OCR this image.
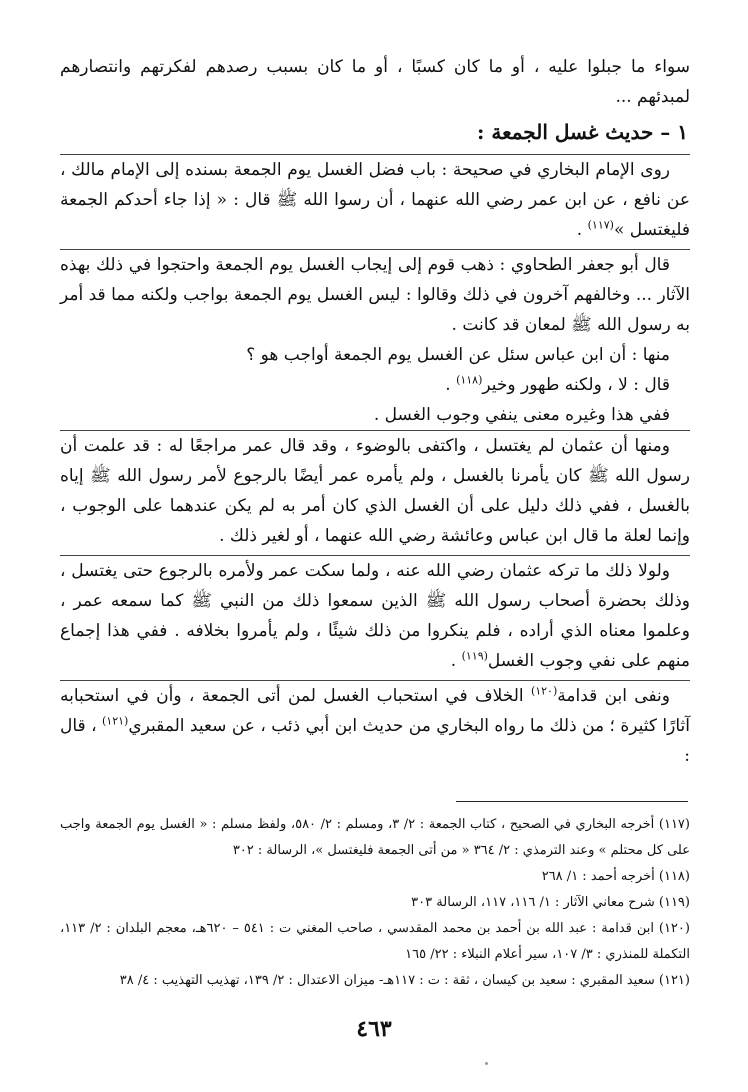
سواء ما جبلوا عليه ، أو ما كان كسبًا ، أو ما كان بسبب رصدهم لفكرتهم وانتصارهم لمبدئهم ...

١ – حديث غسل الجمعة :

روى الإمام البخاري في صحيحة : باب فضل الغسل يوم الجمعة بسنده إلى الإمام مالك ، عن نافع ، عن ابن عمر رضي الله عنهما ، أن رسوا الله ﷺ قال : « إذا جاء أحدكم الجمعة فليغتسل »$^{(١١٧)}$ .

قال أبو جعفر الطحاوي : ذهب قوم إلى إيجاب الغسل يوم الجمعة واحتجوا في ذلك بهذه الآثار ... وخالفهم آخرون في ذلك وقالوا : ليس الغسل يوم الجمعة بواجب ولكنه مما قد أمر به رسول الله ﷺ لمعان قد كانت .

منها : أن ابن عباس سئل عن الغسل يوم الجمعة أواجب هو ؟

قال : لا ، ولكنه طهور وخير$^{(١١٨)}$ .

ففي هذا وغيره معنى ينفي وجوب الغسل .

ومنها أن عثمان لم يغتسل ، واكتفى بالوضوء ، وقد قال عمر مراجعًا له : قد علمت أن رسول الله ﷺ كان يأمرنا بالغسل ، ولم يأمره عمر أيضًا بالرجوع لأمر رسول الله ﷺ إياه بالغسل ، ففي ذلك دليل على أن الغسل الذي كان أمر به لم يكن عندهما على الوجوب ، وإنما لعلة ما قال ابن عباس وعائشة رضي الله عنهما ، أو لغير ذلك .

ولولا ذلك ما تركه عثمان رضي الله عنه ، ولما سكت عمر ولأمره بالرجوع حتى يغتسل ، وذلك بحضرة أصحاب رسول الله ﷺ الذين سمعوا ذلك من النبي ﷺ كما سمعه عمر ، وعلموا معناه الذي أراده ، فلم ينكروا من ذلك شيئًا ، ولم يأمروا بخلافه . ففي هذا إجماع منهم على نفي وجوب الغسل$^{(١١٩)}$ .

ونفى ابن قدامة$^{(١٢٠)}$ الخلاف في استحباب الغسل لمن أتى الجمعة ، وأن في استحبابه آثارًا كثيرة ؛ من ذلك ما رواه البخاري من حديث ابن أبي ذئب ، عن سعيد المقبري$^{(١٢١)}$ ، قال :

(١١٧) أخرجه البخاري في الصحيح ، كتاب الجمعة : ٢/ ٣، ومسلم : ٢/ ٥٨٠، ولفظ مسلم : « الغسل يوم الجمعة واجب على كل محتلم » وعند الترمذي : ٢/ ٣٦٤ « من أتى الجمعة فليغتسل »، الرسالة : ٣٠٢

(١١٨) أخرجه أحمد : ١/ ٢٦٨

(١١٩) شرح معاني الآثار : ١/ ١١٦، ١١٧، الرسالة ٣٠٣

(١٢٠) ابن قدامة : عبد الله بن أحمد بن محمد المقدسي ، صاحب المغني ت : ٥٤١ – ٦٢٠هـ، معجم البلدان : ٢/ ١١٣، التكملة للمنذري : ٣/ ١٠٧، سير أعلام النبلاء : ٢٢/ ١٦٥

(١٢١) سعيد المقبري : سعيد بن كيسان ، ثقة : ت : ١١٧هـ- ميزان الاعتدال : ٢/ ١٣٩، تهذيب التهذيب : ٤/ ٣٨

٤٦٣
